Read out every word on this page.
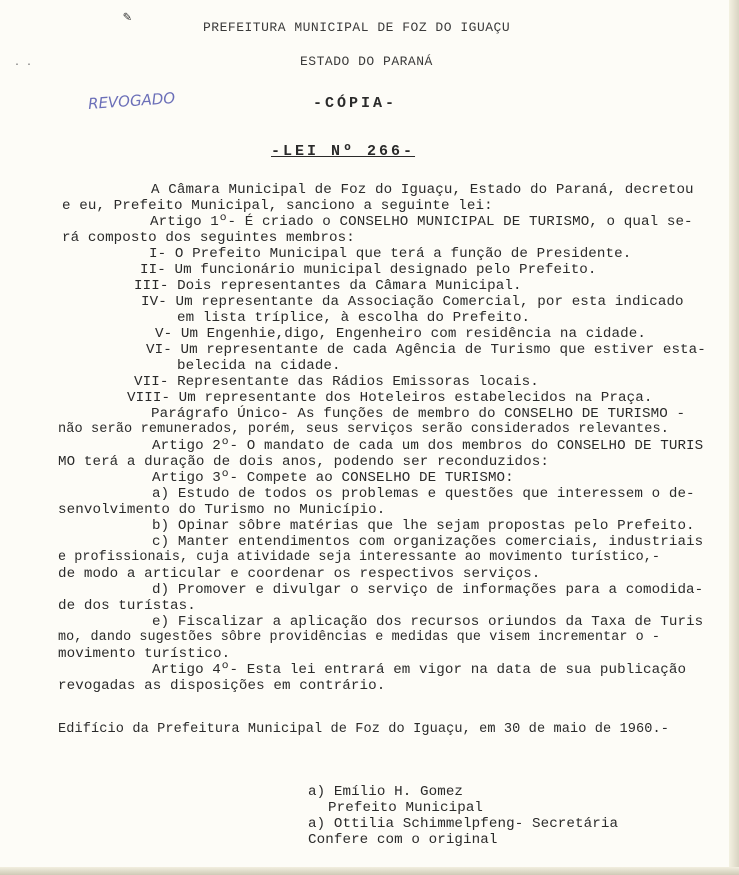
✎
· ·
PREFEITURA MUNICIPAL DE FOZ DO IGUAÇU
ESTADO DO PARANÁ
REVOGADO	-CÓPIA-
-LEI Nº 266-
A Câmara Municipal de Foz do Iguaçu, Estado do Paraná, decretou
e eu, Prefeito Municipal, sanciono a seguinte lei:
Artigo 1º- É criado o CONSELHO MUNICIPAL DE TURISMO, o qual se-
rá composto dos seguintes membros:
I- O Prefeito Municipal que terá a função de Presidente.
II- Um funcionário municipal designado pelo Prefeito.
III- Dois representantes da Câmara Municipal.
IV- Um representante da Associação Comercial, por esta indicado
em lista tríplice, à escolha do Prefeito.
V- Um Engenhie,digo, Engenheiro com residência na cidade.
VI- Um representante de cada Agência de Turismo que estiver esta-
belecida na cidade.
VII- Representante das Rádios Emissoras locais.
VIII- Um representante dos Hoteleiros estabelecidos na Praça.
Parágrafo Único- As funções de membro do CONSELHO DE TURISMO -
não serão remunerados, porém, seus serviços serão considerados relevantes.
Artigo 2º- O mandato de cada um dos membros do CONSELHO DE TURIS
MO terá a duração de dois anos, podendo ser reconduzidos:
Artigo 3º- Compete ao CONSELHO DE TURISMO:
a) Estudo de todos os problemas e questões que interessem o de-
senvolvimento do Turismo no Município.
b) Opinar sôbre matérias que lhe sejam propostas pelo Prefeito.
c) Manter entendimentos com organizações comerciais, industriais
e profissionais, cuja atividade seja interessante ao movimento turístico,-
de modo a articular e coordenar os respectivos serviços.
d) Promover e divulgar o serviço de informações para a comodida-
de dos turístas.
e) Fiscalizar a aplicação dos recursos oriundos da Taxa de Turis
mo, dando sugestões sôbre providências e medidas que visem incrementar o -
movimento turístico.
Artigo 4º- Esta lei entrará em vigor na data de sua publicação
revogadas as disposições em contrário.
Edifício da Prefeitura Municipal de Foz do Iguaçu, em 30 de maio de 1960.-
a) Emílio H. Gomez
Prefeito Municipal
a) Ottilia Schimmelpfeng- Secretária
Confere com o original
